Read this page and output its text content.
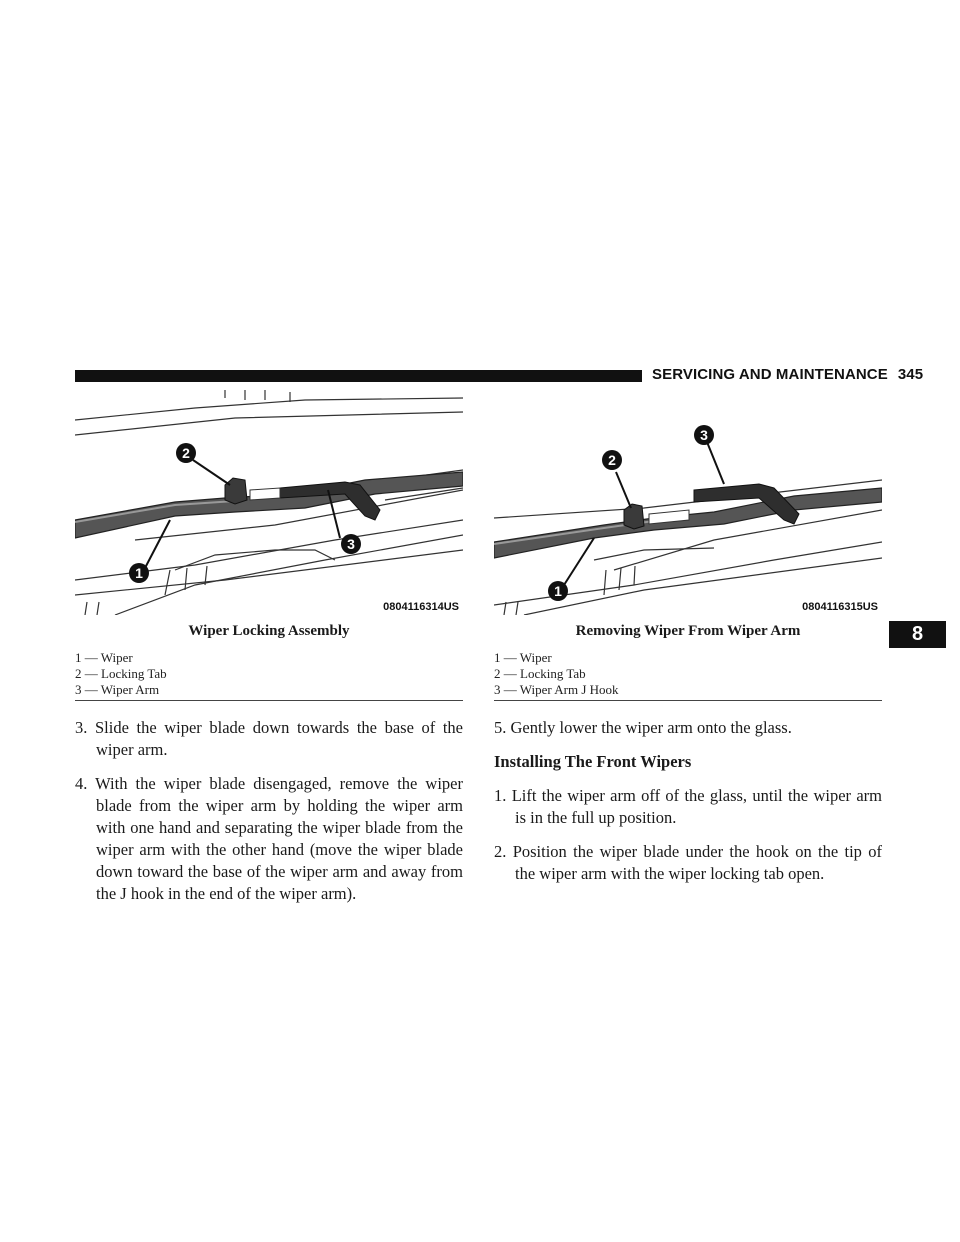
SERVICING AND MAINTENANCE 345
1
2
3
0804116314US
1
2
3
0804116315US
Wiper Locking Assembly	Removing Wiper From Wiper Arm
1 — Wiper
2 — Locking Tab
3 — Wiper Arm
1 — Wiper
2 — Locking Tab
3 — Wiper Arm J Hook
3. Slide the wiper blade down towards the base of the wiper arm.
4. With the wiper blade disengaged, remove the wiper blade from the wiper arm by holding the wiper arm with one hand and separating the wiper blade from the wiper arm with the other hand (move the wiper blade down toward the base of the wiper arm and away from the J hook in the end of the wiper arm).
5. Gently lower the wiper arm onto the glass.
Installing The Front Wipers
1. Lift the wiper arm off of the glass, until the wiper arm is in the full up position.
2. Position the wiper blade under the hook on the tip of the wiper arm with the wiper locking tab open.
8
